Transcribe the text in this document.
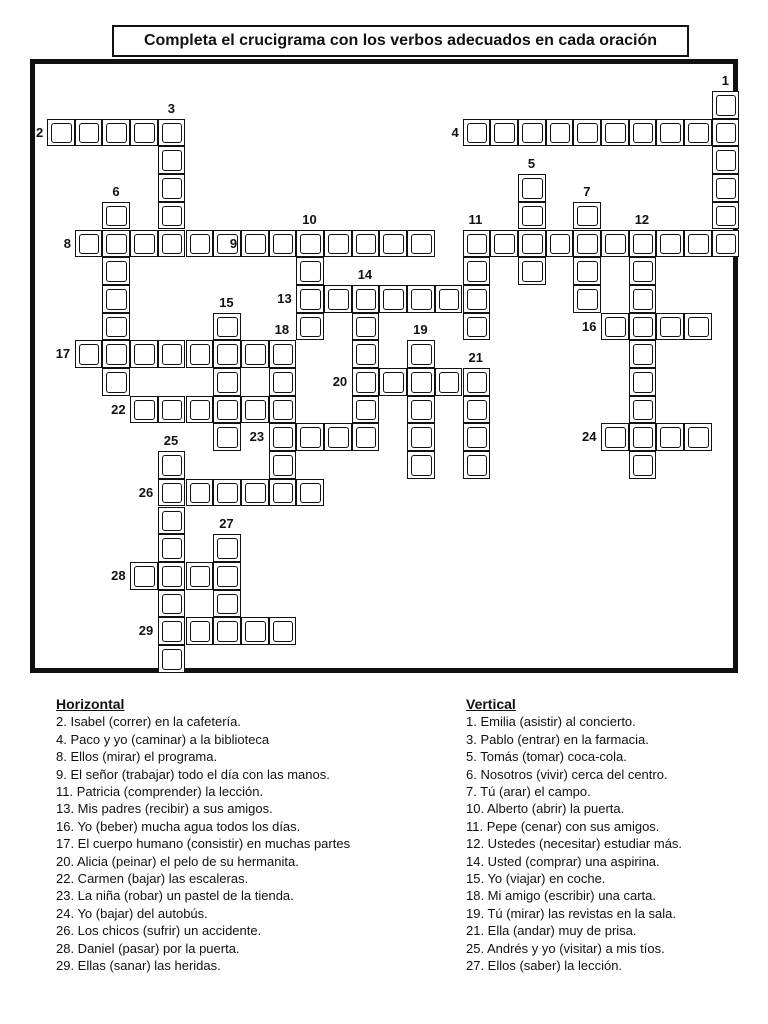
Completa el crucigrama con los verbos adecuados en cada oración
1
2
3
4
5
6	7
8	9
10	11	12
13
14
15
16
17
18	19
20
21
22
23	24
25
26
27
28
29
Horizontal
2. Isabel (correr) en la cafetería.
4. Paco y yo (caminar) a la biblioteca
8. Ellos (mirar) el programa.
9. El señor (trabajar) todo el día con las manos.
11. Patricia (comprender) la lección.
13. Mis padres (recibir) a sus amigos.
16. Yo (beber) mucha agua todos los días.
17. El cuerpo humano (consistir) en muchas partes
20. Alicia (peinar) el pelo de su hermanita.
22. Carmen (bajar) las escaleras.
23. La niña (robar) un pastel de la tienda.
24. Yo (bajar) del autobús.
26. Los chicos (sufrir) un accidente.
28. Daniel (pasar) por la puerta.
29. Ellas (sanar) las heridas.
Vertical
1. Emilia (asistir) al concierto.
3. Pablo (entrar) en la farmacia.
5. Tomás (tomar) coca-cola.
6. Nosotros (vivir) cerca del centro.
7. Tú (arar) el campo.
10. Alberto (abrir) la puerta.
11. Pepe (cenar) con sus amigos.
12. Ustedes (necesitar) estudiar más.
14. Usted (comprar) una aspirina.
15. Yo (viajar) en coche.
18. Mi amigo (escribir) una carta.
19. Tú (mirar) las revistas en la sala.
21. Ella (andar) muy de prisa.
25. Andrés y yo (visitar) a mis tíos.
27. Ellos (saber) la lección.
